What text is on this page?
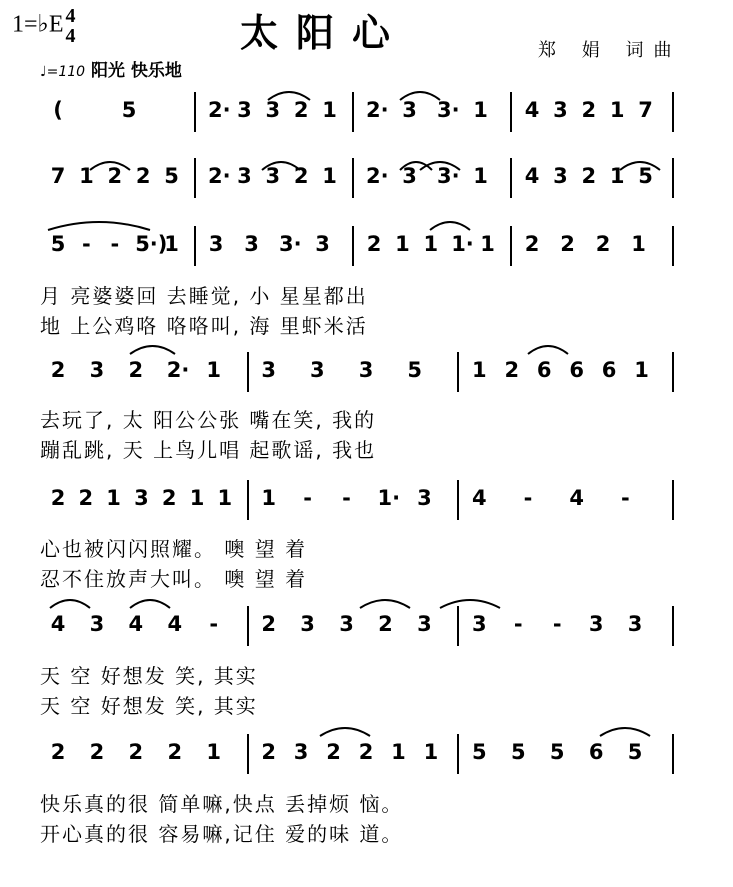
1=♭E 4
4	太阳心	郑 娟 词曲
♩=110 阳光 快乐地
(	5	2· 3 3 2 1 2· 3 3· 1 4 3 2 1 7
7 1 2 2 5 2· 3 3 2 1 2· 3 3· 1 4 3 2 1 5
5 - - 5·)
1 3 3 3· 3 2 1 1 1· 1 2 2 2 1
月 亮婆婆回 去睡觉, 小 星星都出
地 上公鸡咯 咯咯叫, 海 里虾米活
2 3 2 2· 1 3 3 3 5 1 2 6 6 6 1
去玩了, 太 阳公公张 嘴在笑, 我的
蹦乱跳, 天 上鸟儿唱 起歌谣, 我也
2 2 1 3 2 1 1 1 - - 1· 3 4 - 4 -
心也被闪闪照耀。 噢 望 着
忍不住放声大叫。 噢 望 着
4 3 4 4 - 2 3 3 2 3 3 - - 3 3
天 空 好想发 笑, 其实
天 空 好想发 笑, 其实
2 2 2 2 1 2 3 2 2 1 1 5 5 5 6 5
快乐真的很 简单嘛,快点 丢掉烦 恼。
开心真的很 容易嘛,记住 爱的味 道。
